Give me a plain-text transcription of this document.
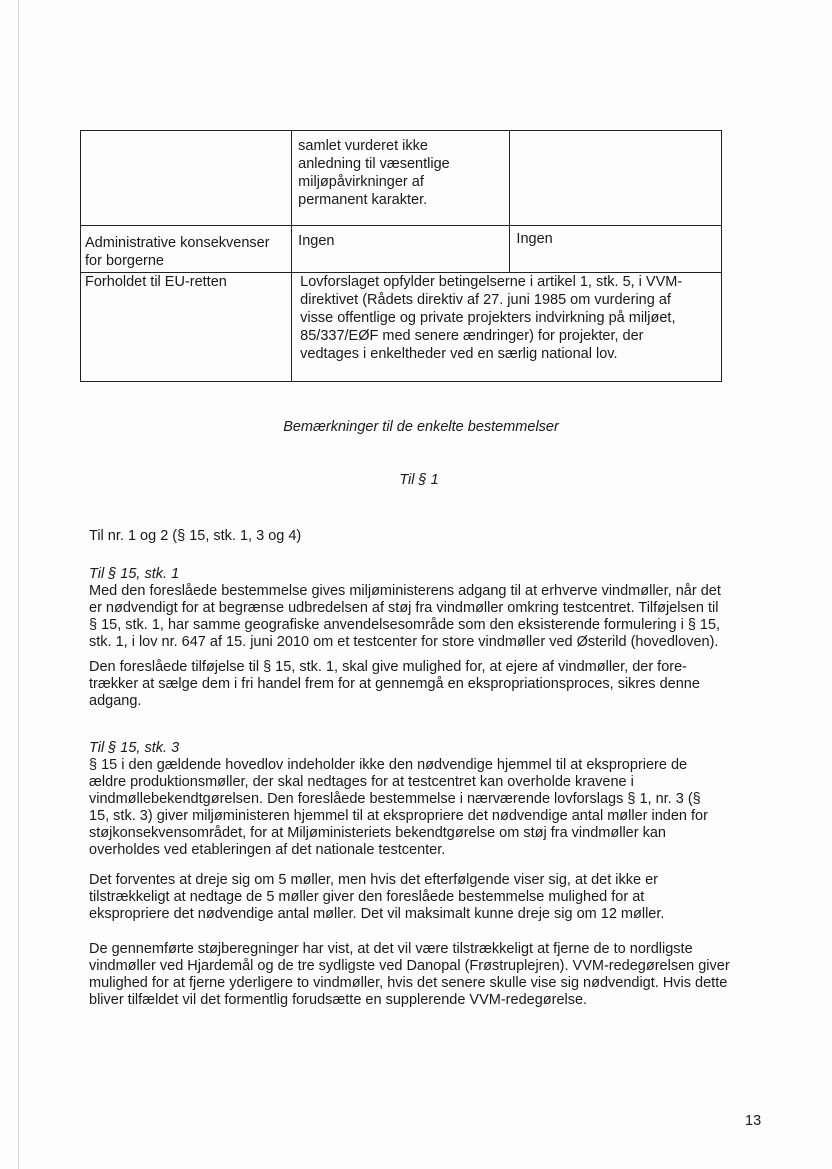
	samlet vurderet ikke
anledning til væsentlige
miljøpåvirkninger af
permanent karakter.	
Administrative konsekvenser
for borgerne	Ingen	Ingen
Forholdet til EU-retten	Lovforslaget opfylder betingelserne i artikel 1, stk. 5, i VVM-
direktivet (Rådets direktiv af 27. juni 1985 om vurdering af
visse offentlige og private projekters indvirkning på miljøet,
85/337/EØF med senere ændringer) for projekter, der
vedtages i enkeltheder ved en særlig national lov.	
Bemærkninger til de enkelte bestemmelser
Til § 1

Til nr. 1 og 2 (§ 15, stk. 1, 3 og 4)

Til § 15, stk. 1

Med den foreslåede bestemmelse gives miljøministerens adgang til at erhverve vindmøller, når det
er nødvendigt for at begrænse udbredelsen af støj fra vindmøller omkring testcentret. Tilføjelsen til
§ 15, stk. 1, har samme geografiske anvendelsesområde som den eksisterende formulering i § 15,
stk. 1, i lov nr. 647 af 15. juni 2010 om et testcenter for store vindmøller ved Østerild (hovedloven).

Den foreslåede tilføjelse til § 15, stk. 1, skal give mulighed for, at ejere af vindmøller, der fore-
trækker at sælge dem i fri handel frem for at gennemgå en ekspropriationsproces, sikres denne
adgang.

Til § 15, stk. 3

§ 15 i den gældende hovedlov indeholder ikke den nødvendige hjemmel til at ekspropriere de
ældre produktionsmøller, der skal nedtages for at testcentret kan overholde kravene i
vindmøllebekendtgørelsen. Den foreslåede bestemmelse i nærværende lovforslags § 1, nr. 3 (§
15, stk. 3) giver miljøministeren hjemmel til at ekspropriere det nødvendige antal møller inden for
støjkonsekvensområdet, for at Miljøministeriets bekendtgørelse om støj fra vindmøller kan
overholdes ved etableringen af det nationale testcenter.

Det forventes at dreje sig om 5 møller, men hvis det efterfølgende viser sig, at det ikke er
tilstrækkeligt at nedtage de 5 møller giver den foreslåede bestemmelse mulighed for at
ekspropriere det nødvendige antal møller. Det vil maksimalt kunne dreje sig om 12 møller.

De gennemførte støjberegninger har vist, at det vil være tilstrækkeligt at fjerne de to nordligste
vindmøller ved Hjardemål og de tre sydligste ved Danopal (Frøstruplejren). VVM-redegørelsen giver
mulighed for at fjerne yderligere to vindmøller, hvis det senere skulle vise sig nødvendigt. Hvis dette
bliver tilfældet vil det formentlig forudsætte en supplerende VVM-redegørelse.

13
